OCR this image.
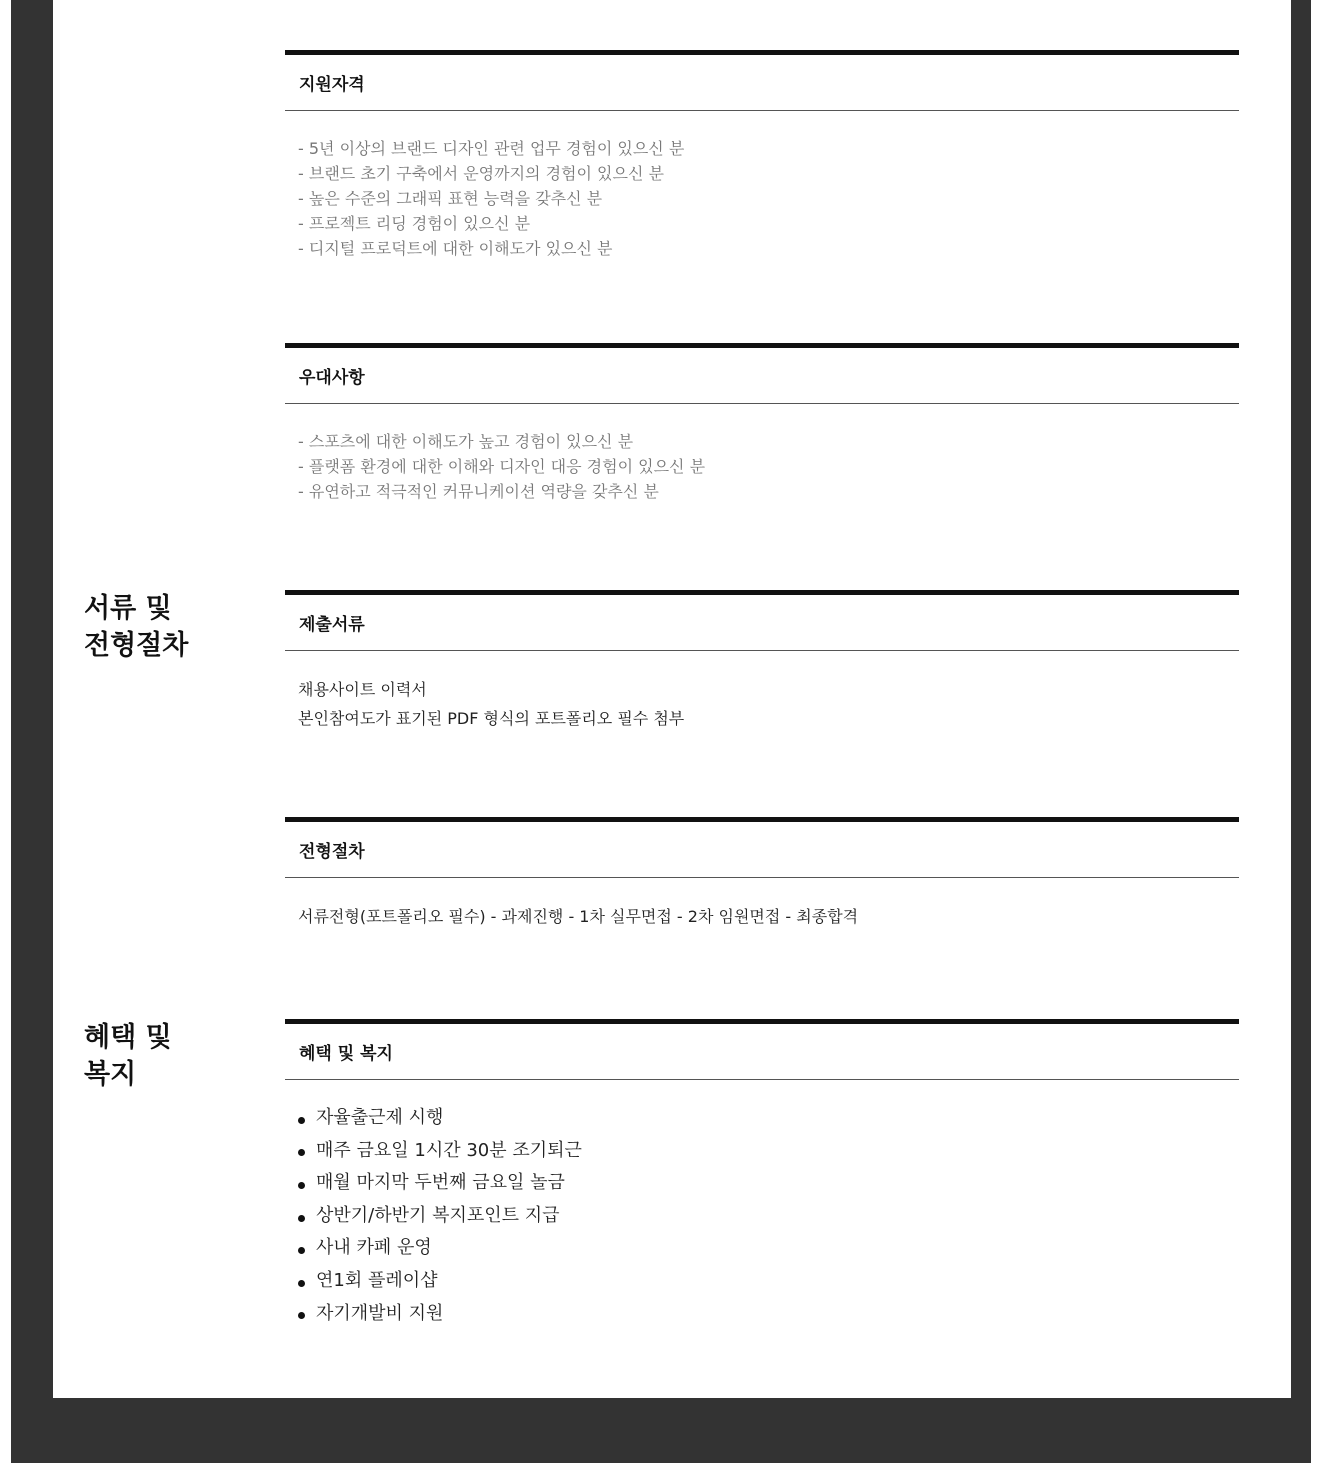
서류 및
전형절차
혜택 및
복지
지원자격

- 5년 이상의 브랜드 디자인 관련 업무 경험이 있으신 분

- 브랜드 초기 구축에서 운영까지의 경험이 있으신 분

- 높은 수준의 그래픽 표현 능력을 갖추신 분

- 프로젝트 리딩 경험이 있으신 분

- 디지털 프로덕트에 대한 이해도가 있으신 분

우대사항

- 스포츠에 대한 이해도가 높고 경험이 있으신 분

- 플랫폼 환경에 대한 이해와 디자인 대응 경험이 있으신 분

- 유연하고 적극적인 커뮤니케이션 역량을 갖추신 분

제출서류

채용사이트 이력서

본인참여도가 표기된 PDF 형식의 포트폴리오 필수 첨부

전형절차

서류전형(포트폴리오 필수) - 과제진행 - 1차 실무면접 - 2차 임원면접 - 최종합격

혜택 및 복지
자율출근제 시행
매주 금요일 1시간 30분 조기퇴근
매월 마지막 두번째 금요일 놀금
상반기/하반기 복지포인트 지급
사내 카페 운영
연1회 플레이샵
자기개발비 지원
